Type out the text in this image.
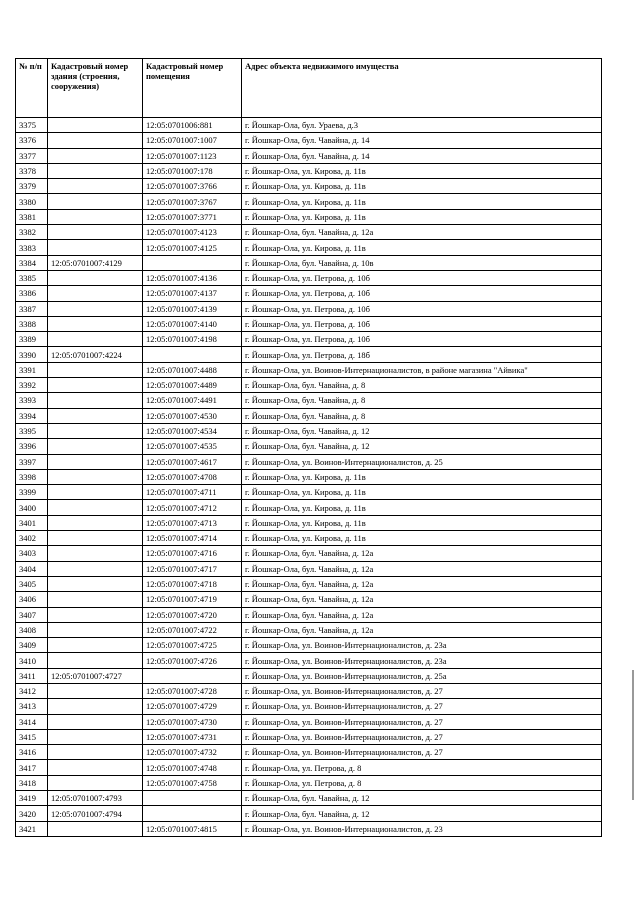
№ п/п	Кадастровый номер здания (строения, сооружения)	Кадастровый номер помещения	Адрес объекта недвижимого имущества
3375		12:05:0701006:881	г. Йошкар-Ола, бул. Ураева, д.3
3376		12:05:0701007:1007	г. Йошкар-Ола, бул. Чавайна, д. 14
3377		12:05:0701007:1123	г. Йошкар-Ола, бул. Чавайна, д. 14
3378		12:05:0701007:178	г. Йошкар-Ола, ул. Кирова, д. 11в
3379		12:05:0701007:3766	г. Йошкар-Ола, ул. Кирова, д. 11в
3380		12:05:0701007:3767	г. Йошкар-Ола, ул. Кирова, д. 11в
3381		12:05:0701007:3771	г. Йошкар-Ола, ул. Кирова, д. 11в
3382		12:05:0701007:4123	г. Йошкар-Ола, бул. Чавайна, д. 12а
3383		12:05:0701007:4125	г. Йошкар-Ола, ул. Кирова, д. 11в
3384	12:05:0701007:4129		г. Йошкар-Ола, бул. Чавайна, д. 10в
3385		12:05:0701007:4136	г. Йошкар-Ола, ул. Петрова, д. 10б
3386		12:05:0701007:4137	г. Йошкар-Ола, ул. Петрова, д. 10б
3387		12:05:0701007:4139	г. Йошкар-Ола, ул. Петрова, д. 10б
3388		12:05:0701007:4140	г. Йошкар-Ола, ул. Петрова, д. 10б
3389		12:05:0701007:4198	г. Йошкар-Ола, ул. Петрова, д. 10б
3390	12:05:0701007:4224		г. Йошкар-Ола, ул. Петрова, д. 18б
3391		12:05:0701007:4488	г. Йошкар-Ола, ул. Воинов-Интернационалистов, в районе магазина "Айвика"
3392		12:05:0701007:4489	г. Йошкар-Ола, бул. Чавайна, д. 8
3393		12:05:0701007:4491	г. Йошкар-Ола, бул. Чавайна, д. 8
3394		12:05:0701007:4530	г. Йошкар-Ола, бул. Чавайна, д. 8
3395		12:05:0701007:4534	г. Йошкар-Ола, бул. Чавайна, д. 12
3396		12:05:0701007:4535	г. Йошкар-Ола, бул. Чавайна, д. 12
3397		12:05:0701007:4617	г. Йошкар-Ола, ул. Воинов-Интернационалистов, д. 25
3398		12:05:0701007:4708	г. Йошкар-Ола, ул. Кирова, д. 11в
3399		12:05:0701007:4711	г. Йошкар-Ола, ул. Кирова, д. 11в
3400		12:05:0701007:4712	г. Йошкар-Ола, ул. Кирова, д. 11в
3401		12:05:0701007:4713	г. Йошкар-Ола, ул. Кирова, д. 11в
3402		12:05:0701007:4714	г. Йошкар-Ола, ул. Кирова, д. 11в
3403		12:05:0701007:4716	г. Йошкар-Ола, бул. Чавайна, д. 12а
3404		12:05:0701007:4717	г. Йошкар-Ола, бул. Чавайна, д. 12а
3405		12:05:0701007:4718	г. Йошкар-Ола, бул. Чавайна, д. 12а
3406		12:05:0701007:4719	г. Йошкар-Ола, бул. Чавайна, д. 12а
3407		12:05:0701007:4720	г. Йошкар-Ола, бул. Чавайна, д. 12а
3408		12:05:0701007:4722	г. Йошкар-Ола, бул. Чавайна, д. 12а
3409		12:05:0701007:4725	г. Йошкар-Ола, ул. Воинов-Интернационалистов, д. 23а
3410		12:05:0701007:4726	г. Йошкар-Ола, ул. Воинов-Интернационалистов, д. 23а
3411	12:05:0701007:4727		г. Йошкар-Ола, ул. Воинов-Интернационалистов, д. 25а
3412		12:05:0701007:4728	г. Йошкар-Ола, ул. Воинов-Интернационалистов, д. 27
3413		12:05:0701007:4729	г. Йошкар-Ола, ул. Воинов-Интернационалистов, д. 27
3414		12:05:0701007:4730	г. Йошкар-Ола, ул. Воинов-Интернационалистов, д. 27
3415		12:05:0701007:4731	г. Йошкар-Ола, ул. Воинов-Интернационалистов, д. 27
3416		12:05:0701007:4732	г. Йошкар-Ола, ул. Воинов-Интернационалистов, д. 27
3417		12:05:0701007:4748	г. Йошкар-Ола, ул. Петрова, д. 8
3418		12:05:0701007:4758	г. Йошкар-Ола, ул. Петрова, д. 8
3419	12:05:0701007:4793		г. Йошкар-Ола, бул. Чавайна, д. 12
3420	12:05:0701007:4794		г. Йошкар-Ола, бул. Чавайна, д. 12
3421		12:05:0701007:4815	г. Йошкар-Ола, ул. Воинов-Интернационалистов, д. 23
